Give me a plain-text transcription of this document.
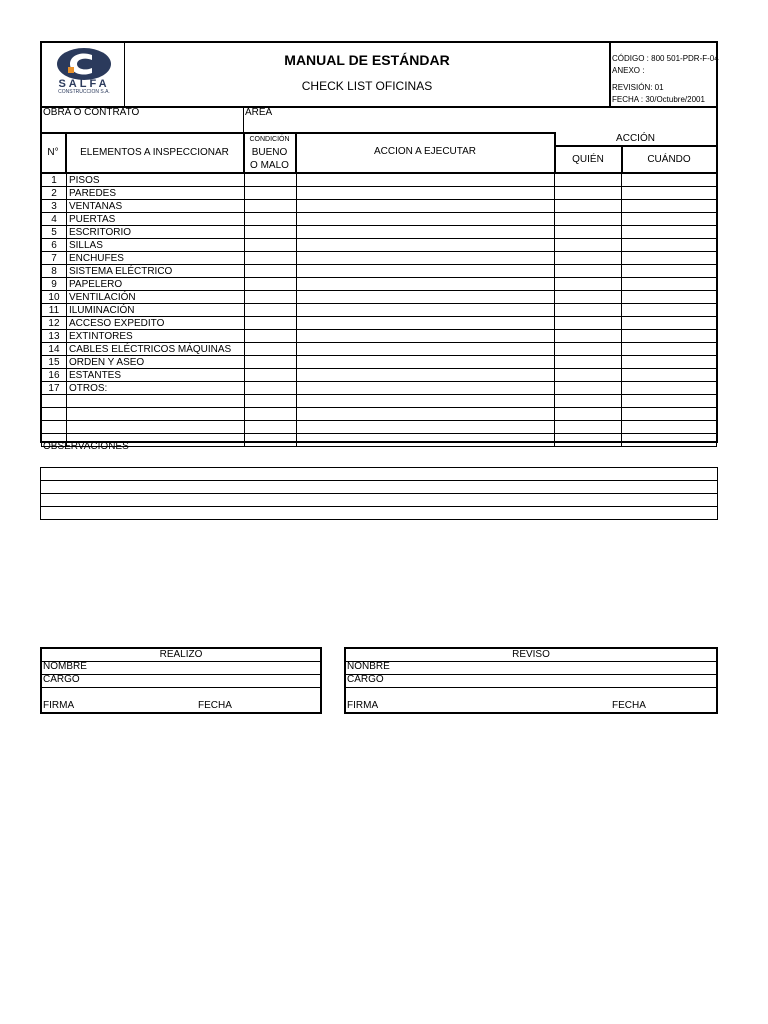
SALFA
CONSTRUCCION S.A.
MANUAL DE ESTÁNDAR
CHECK LIST OFICINAS
CÓDIGO : 800 501-PDR-F-04
ANEXO :
REVISIÓN: 01
FECHA : 30/Octubre/2001
OBRA O CONTRATO	ÁREA
N°	ELEMENTOS A INSPECCIONAR
CONDICIÓN
BUENO
O MALO
ACCION A EJECUTAR
ACCIÓN
QUIÉN	CUÁNDO
1	PISOS				
2	PAREDES				
3	VENTANAS				
4	PUERTAS				
5	ESCRITORIO				
6	SILLAS				
7	ENCHUFES				
8	SISTEMA ELÉCTRICO				
9	PAPELERO				
10	VENTILACIÓN				
11	ILUMINACIÓN				
12	ACCESO EXPEDITO				
13	EXTINTORES				
14	CABLES ELÉCTRICOS MÁQUINAS				
15	ORDEN Y ASEO				
16	ESTANTES				
17	OTROS:				

OBSERVACIONES
REALIZO
NOMBRE
CARGO
FIRMA	FECHA
REVISO
NONBRE
CARGO
FIRMA	FECHA
